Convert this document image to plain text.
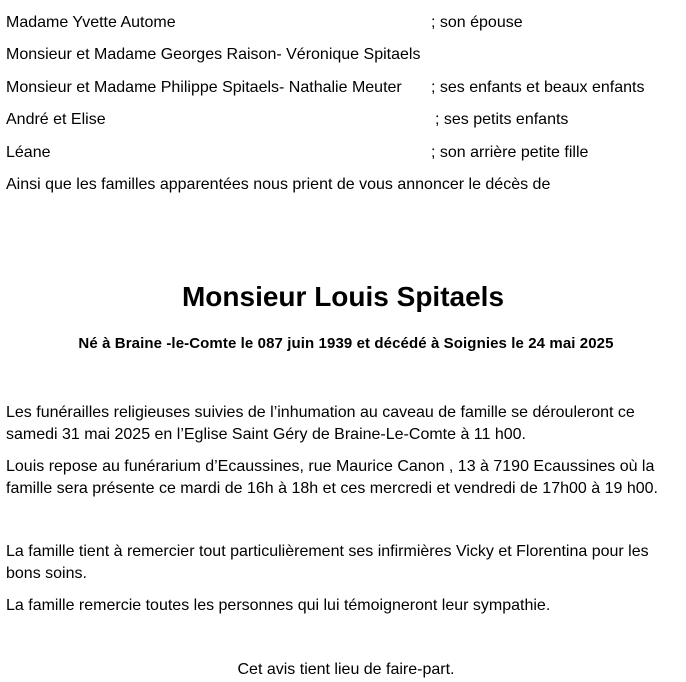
Madame Yvette Autome	; son épouse
Monsieur et Madame Georges Raison- Véronique Spitaels
Monsieur et Madame Philippe Spitaels- Nathalie Meuter ; ses enfants et beaux enfants
André et Elise	; ses petits enfants
Léane	; son arrière petite fille
Ainsi que les familles apparentées nous prient de vous annoncer le décès de
Monsieur Louis Spitaels
Né à Braine -le-Comte le 087 juin 1939 et décédé à Soignies le 24 mai 2025
Les funérailles religieuses suivies de l’inhumation au caveau de famille se dérouleront ce
samedi 31 mai 2025 en l’Eglise Saint Géry de Braine-Le-Comte à 11 h00.
Louis repose au funérarium d’Ecaussines, rue Maurice Canon , 13 à 7190 Ecaussines où la
famille sera présente ce mardi de 16h à 18h et ces mercredi et vendredi de 17h00 à 19 h00.
La famille tient à remercier tout particulièrement ses infirmières Vicky et Florentina pour les
bons soins.
La famille remercie toutes les personnes qui lui témoigneront leur sympathie.
Cet avis tient lieu de faire-part.
